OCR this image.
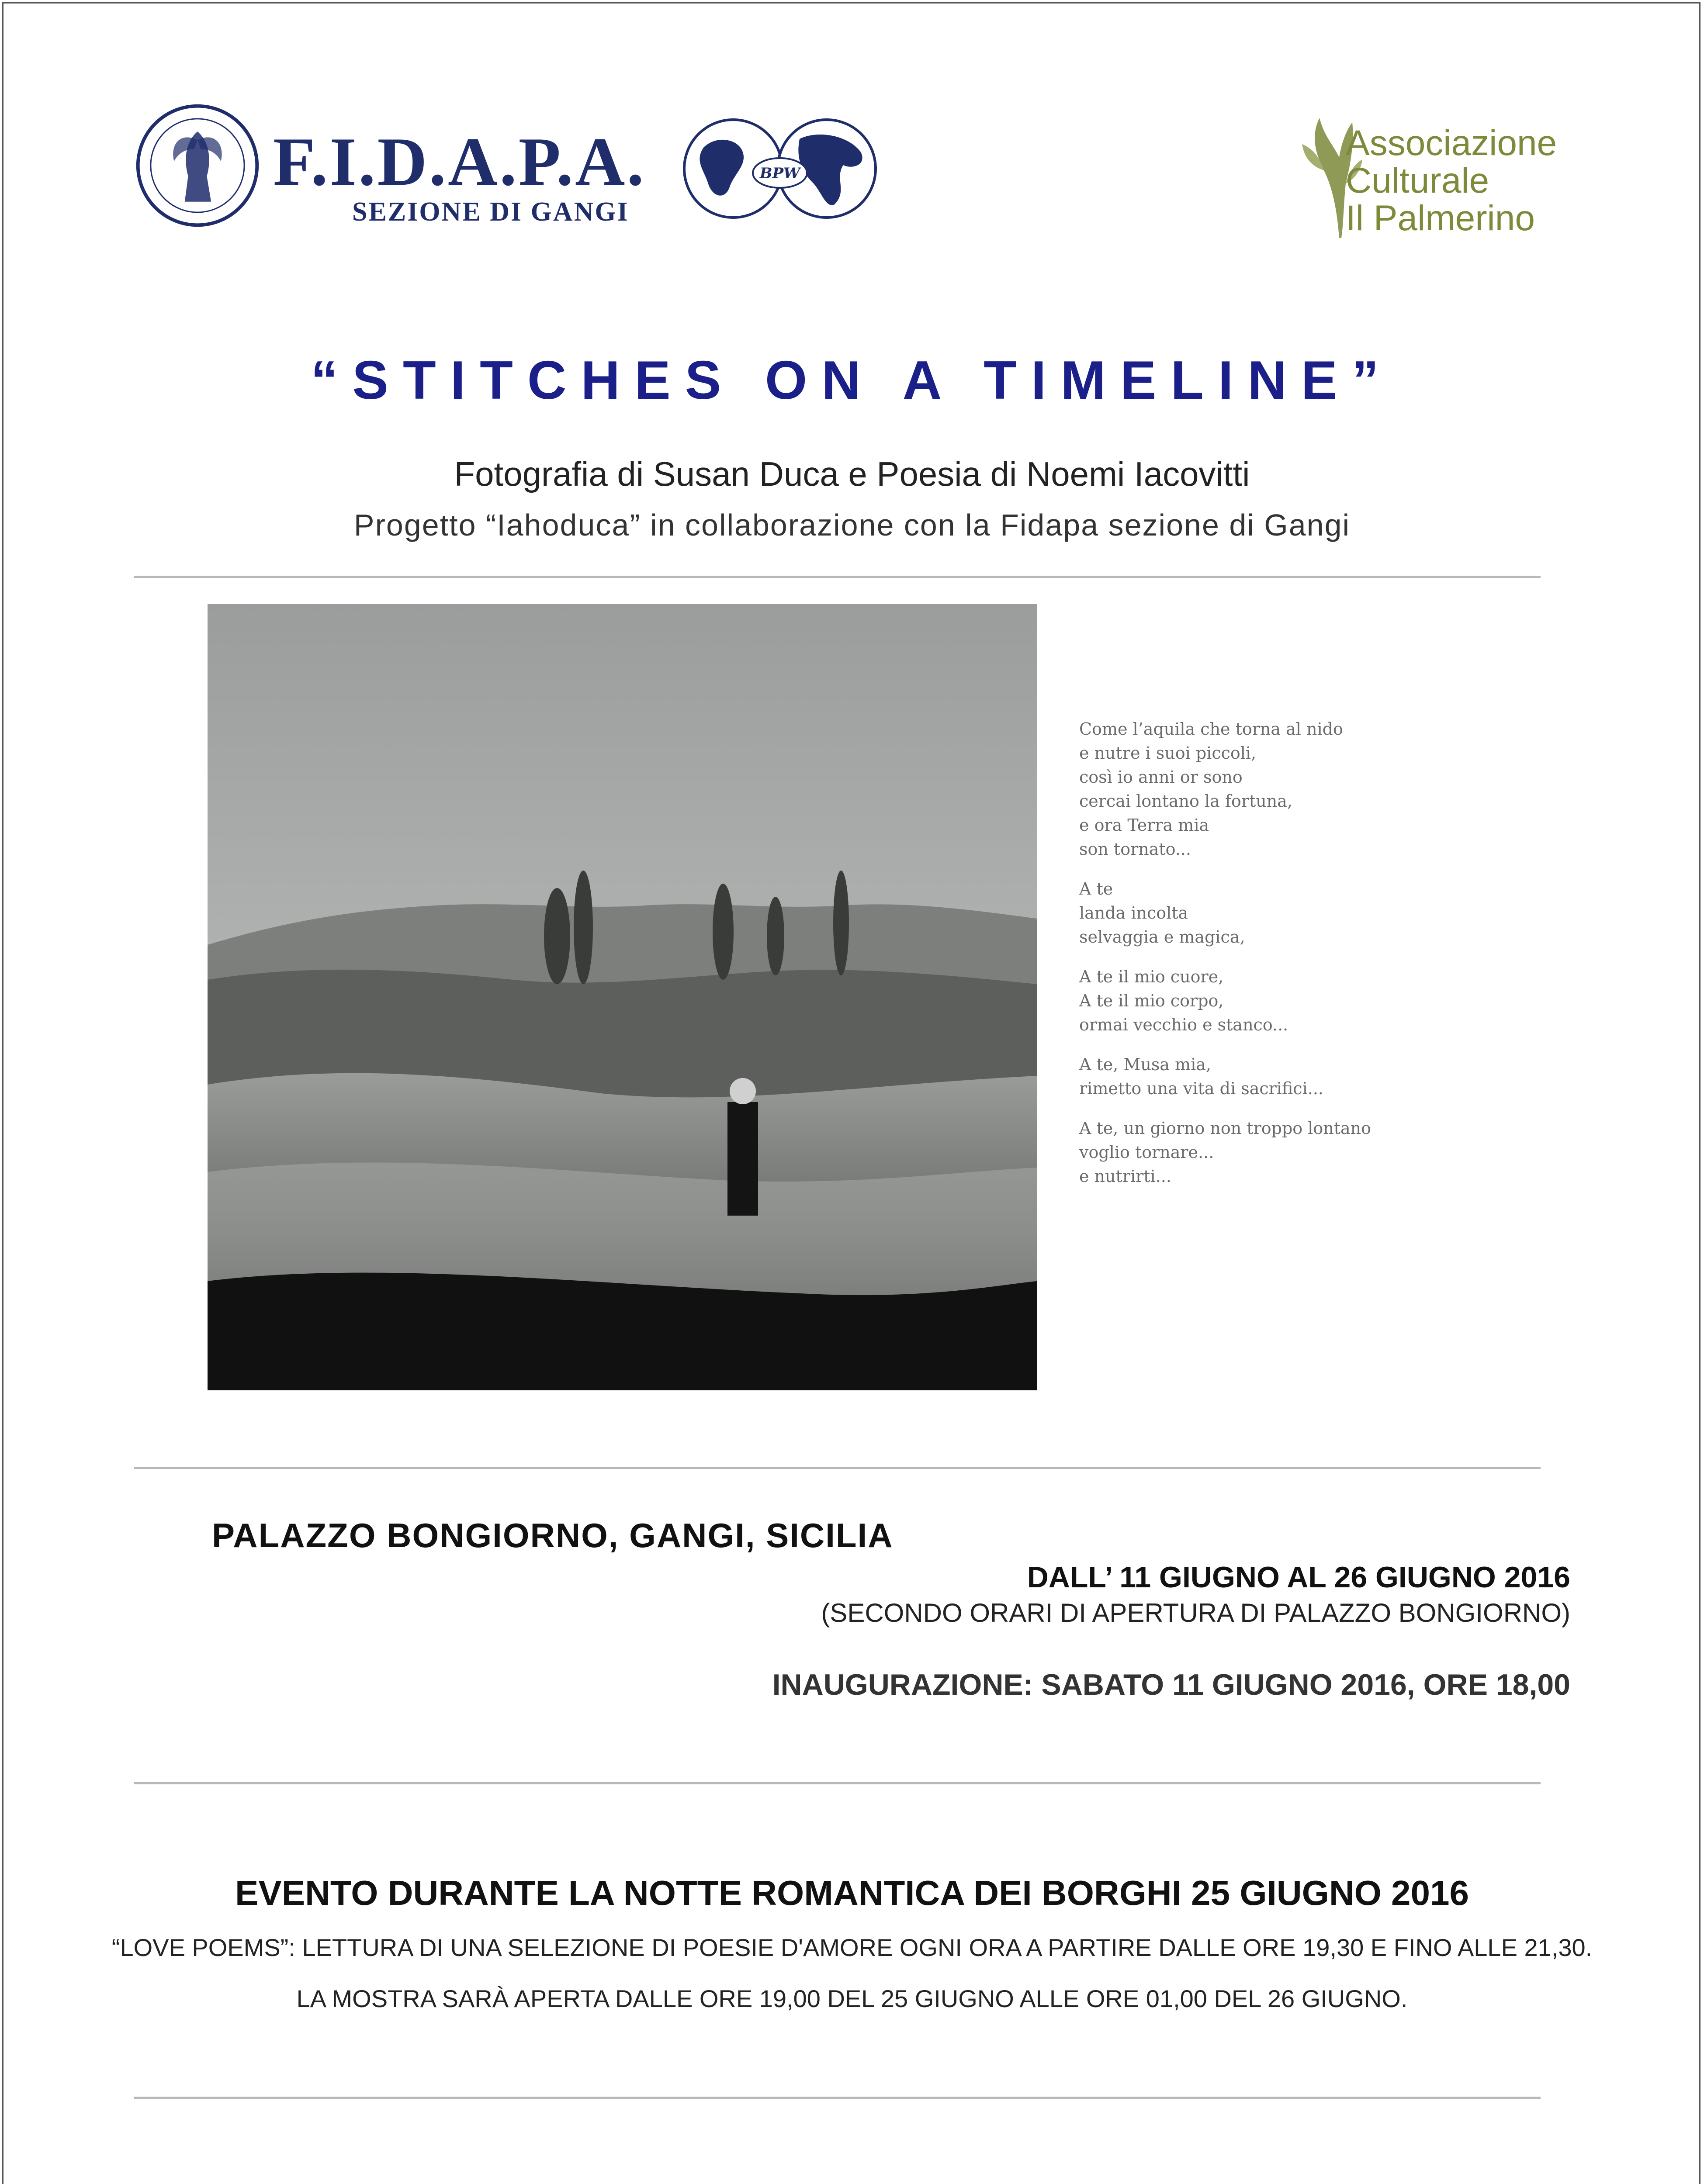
F.I.D.A.P.A.
SEZIONE DI GANGI
BPW
Associazione
Culturale
Il Palmerino
“STITCHES ON A TIMELINE”
Fotografia di Susan Duca e Poesia di Noemi Iacovitti
Progetto “Iahoduca” in collaborazione con la Fidapa sezione di Gangi

Come l’aquila che torna al nido
e nutre i suoi piccoli,
così io anni or sono
cercai lontano la fortuna,
e ora Terra mia
son tornato...

A te
landa incolta
selvaggia e magica,

A te il mio cuore,
A te il mio corpo,
ormai vecchio e stanco...

A te, Musa mia,
rimetto una vita di sacrifici...

A te, un giorno non troppo lontano
voglio tornare...
e nutrirti...

PALAZZO BONGIORNO, GANGI, SICILIA
DALL’ 11 GIUGNO AL 26 GIUGNO 2016
(SECONDO ORARI DI APERTURA DI PALAZZO BONGIORNO)
INAUGURAZIONE: SABATO 11 GIUGNO 2016, ORE 18,00
EVENTO DURANTE LA NOTTE ROMANTICA DEI BORGHI 25 GIUGNO 2016
“LOVE POEMS”: LETTURA DI UNA SELEZIONE DI POESIE D'AMORE OGNI ORA A PARTIRE DALLE ORE 19,30 E FINO ALLE 21,30.
LA MOSTRA SARÀ APERTA DALLE ORE 19,00 DEL 25 GIUGNO ALLE ORE 01,00 DEL 26 GIUGNO.
